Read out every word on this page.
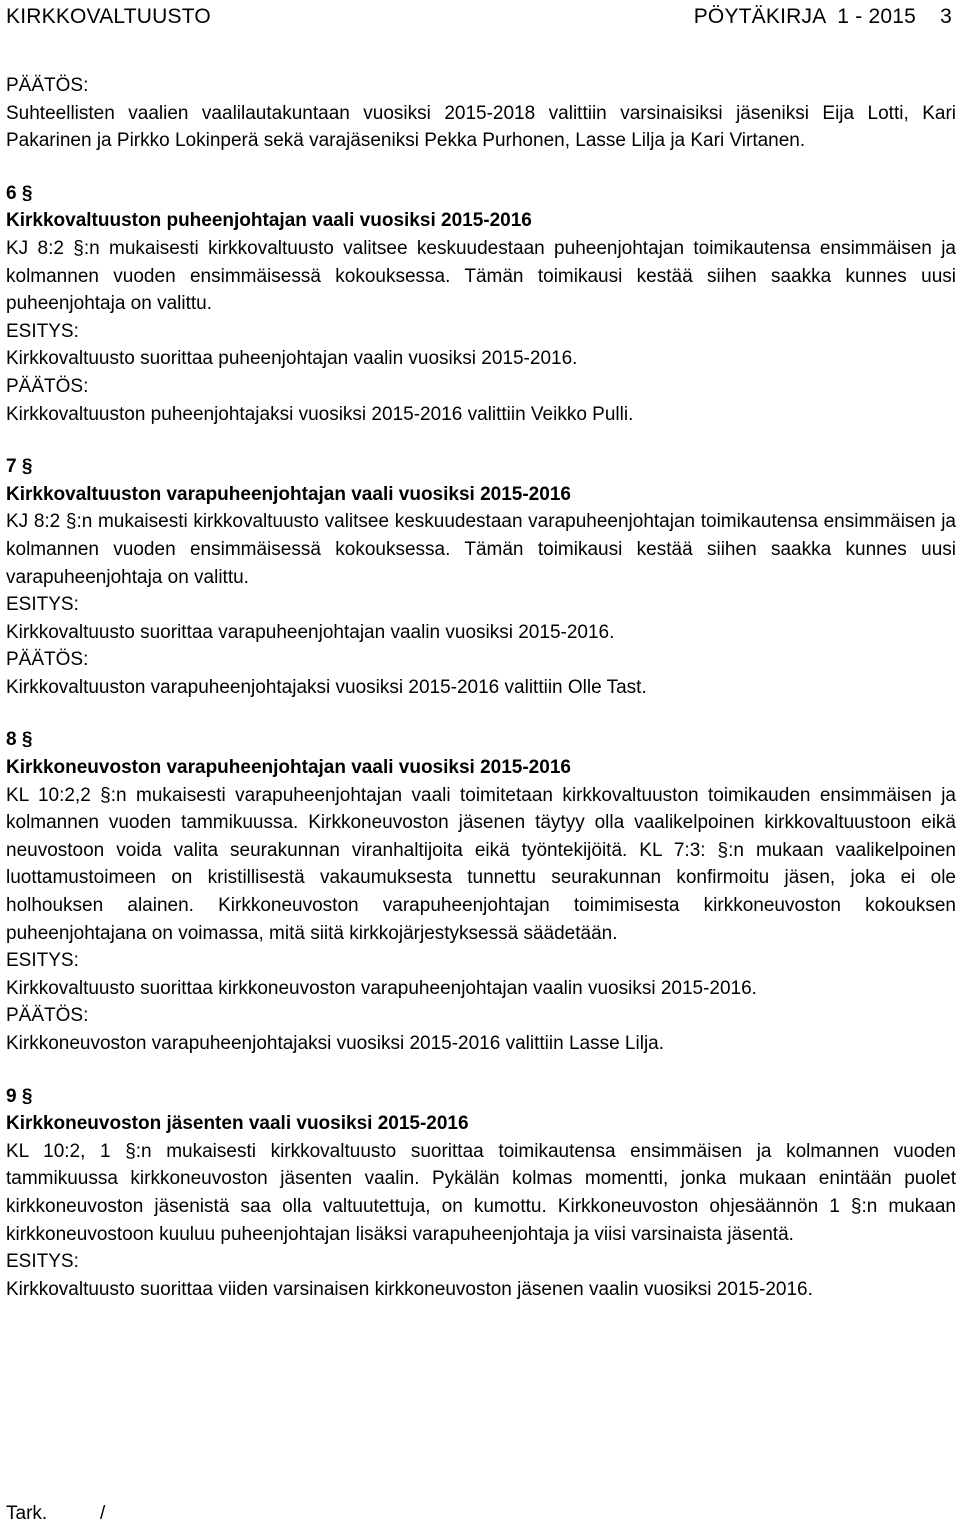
KIRKKOVALTUUSTO	PÖYTÄKIRJA  1 - 2015    3

PÄÄTÖS:

Suhteellisten vaalien vaalilautakuntaan vuosiksi 2015-2018 valittiin varsinaisiksi jäseniksi Eija Lotti, Kari Pakarinen ja Pirkko Lokinperä sekä varajäseniksi Pekka Purhonen, Lasse Lilja ja Kari Virtanen.

6 §

Kirkkovaltuuston puheenjohtajan vaali vuosiksi 2015-2016

KJ 8:2 §:n mukaisesti kirkkovaltuusto valitsee keskuudestaan puheenjohtajan toimikautensa ensimmäisen ja kolmannen vuoden ensimmäisessä kokouksessa. Tämän toimikausi kestää siihen saakka kunnes uusi puheenjohtaja on valittu.

ESITYS:

Kirkkovaltuusto suorittaa puheenjohtajan vaalin vuosiksi 2015-2016.

PÄÄTÖS:

Kirkkovaltuuston puheenjohtajaksi vuosiksi 2015-2016 valittiin Veikko Pulli.

7 §

Kirkkovaltuuston varapuheenjohtajan vaali vuosiksi 2015-2016

KJ 8:2 §:n mukaisesti kirkkovaltuusto valitsee keskuudestaan varapuheenjohtajan toimikautensa ensimmäisen ja kolmannen vuoden ensimmäisessä kokouksessa. Tämän toimikausi kestää siihen saakka kunnes uusi varapuheenjohtaja on valittu.

ESITYS:

Kirkkovaltuusto suorittaa varapuheenjohtajan vaalin vuosiksi 2015-2016.

PÄÄTÖS:

Kirkkovaltuuston varapuheenjohtajaksi vuosiksi 2015-2016 valittiin Olle Tast.

8 §

Kirkkoneuvoston varapuheenjohtajan vaali vuosiksi 2015-2016

KL 10:2,2 §:n mukaisesti varapuheenjohtajan vaali toimitetaan kirkkovaltuuston toimikauden ensimmäisen ja kolmannen vuoden tammikuussa. Kirkkoneuvoston jäsenen täytyy olla vaalikelpoinen kirkkovaltuustoon eikä neuvostoon voida valita seurakunnan viranhaltijoita eikä työntekijöitä. KL 7:3: §:n mukaan vaalikelpoinen luottamustoimeen on kristillisestä vakaumuksesta tunnettu seurakunnan konfirmoitu jäsen, joka ei ole holhouksen alainen. Kirkkoneuvoston varapuheenjohtajan toimimisesta kirkkoneuvoston kokouksen puheenjohtajana on voimassa, mitä siitä kirkkojärjestyksessä säädetään.

ESITYS:

Kirkkovaltuusto suorittaa kirkkoneuvoston varapuheenjohtajan vaalin vuosiksi 2015-2016.

PÄÄTÖS:

Kirkkoneuvoston varapuheenjohtajaksi vuosiksi 2015-2016 valittiin Lasse Lilja.

9 §

Kirkkoneuvoston jäsenten vaali vuosiksi 2015-2016

KL 10:2, 1 §:n mukaisesti kirkkovaltuusto suorittaa toimikautensa ensimmäisen ja kolmannen vuoden tammikuussa kirkkoneuvoston jäsenten vaalin. Pykälän kolmas momentti, jonka mukaan enintään puolet kirkkoneuvoston jäsenistä saa olla valtuutettuja, on kumottu. Kirkkoneuvoston ohjesäännön 1 §:n mukaan kirkkoneuvostoon kuuluu puheenjohtajan lisäksi varapuheenjohtaja ja viisi varsinaista jäsentä.

ESITYS:

Kirkkovaltuusto suorittaa viiden varsinaisen kirkkoneuvoston jäsenen vaalin vuosiksi 2015-2016.

Tark.          /
